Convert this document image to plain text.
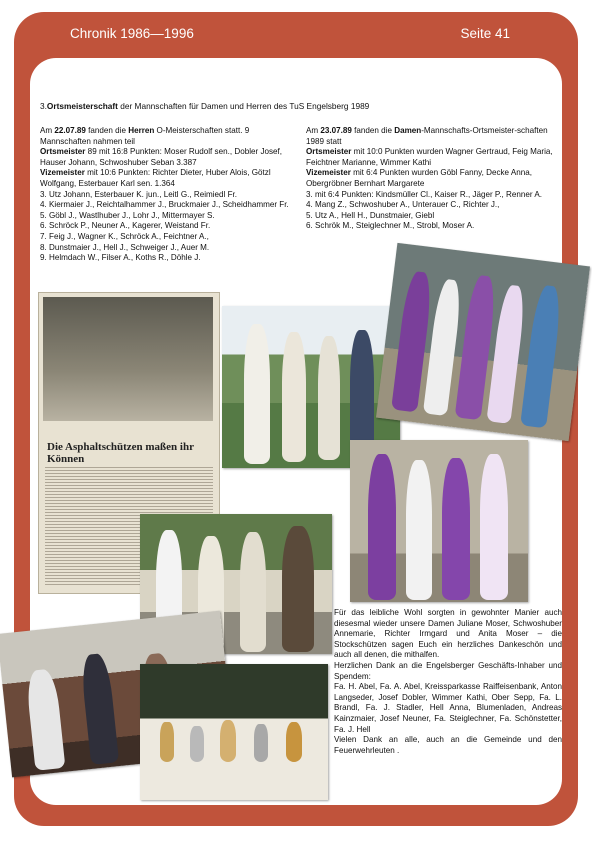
Chronik 1986—1996	Seite 41
3.Ortsmeisterschaft der Mannschaften für Damen und Herren des TuS Engelsberg 1989

Am 22.07.89 fanden die Herren O-Meisterschaften statt. 9 Mannschaften nahmen teil

Ortsmeister 89 mit 16:8 Punkten: Moser Rudolf sen., Dobler Josef, Hauser Johann, Schwoshuber Seban 3.387

Vizemeister mit 10:6 Punkten: Richter Dieter, Huber Alois, Götzl Wolfgang, Esterbauer Karl sen. 1.364

3. Utz Johann, Esterbauer K. jun., Leitl G., Reimiedl Fr.

4. Kiermaier J., Reichtalhammer J., Bruckmaier J., Scheidhammer Fr.

5. Göbl J., Wastlhuber J., Lohr J., Mittermayer S.

6. Schröck P., Neuner A., Kagerer, Weistand Fr.

7. Feig J., Wagner K., Schröck A., Feichtner A.,

8. Dunstmaier J., Hell J., Schweiger J., Auer M.

9. Helmdach W., Filser A., Koths R., Döhle J.

Am 23.07.89 fanden die Damen-Mannschafts-Ortsmeister-schaften 1989 statt

Ortsmeister mit 10:0 Punkten wurden Wagner Gertraud, Feig Maria, Feichtner Marianne, Wimmer Kathi

Vizemeister mit 6:4 Punkten wurden Göbl Fanny, Decke Anna, Obergröbner Bernhart Margarete

3. mit 6:4 Punkten: Kindsmüller Cl., Kaiser R., Jäger P., Renner A.

4. Mang Z., Schwoshuber A., Unterauer C., Richter J.,

5. Utz A., Hell H., Dunstmaier, Giebl

6. Schrök M., Steiglechner M., Strobl, Moser A.

Die Asphaltschützen maßen ihr Können

Für das leibliche Wohl sorgten in gewohnter Manier auch diesesmal wieder unsere Damen Juliane Moser, Schwoshuber Annemarie, Richter Irmgard und Anita Moser – die Stockschützen sagen Euch ein herzliches Dankeschön und auch all denen, die mithalfen.

Herzlichen Dank an die Engelsberger Geschäfts-Inhaber und Spendem:

Fa. H. Abel, Fa. A. Abel, Kreissparkasse Raiffeisenbank, Anton Langseder, Josef Dobler, Wimmer Kathi, Ober Sepp, Fa. L. Brandl, Fa. J. Stadler, Hell Anna, Blumenladen, Andreas Kainzmaier, Josef Neuner, Fa. Steiglechner, Fa. Schönstetter, Fa. J. Hell

Vielen Dank an alle, auch an die Gemeinde und den Feuerwehrleuten .
